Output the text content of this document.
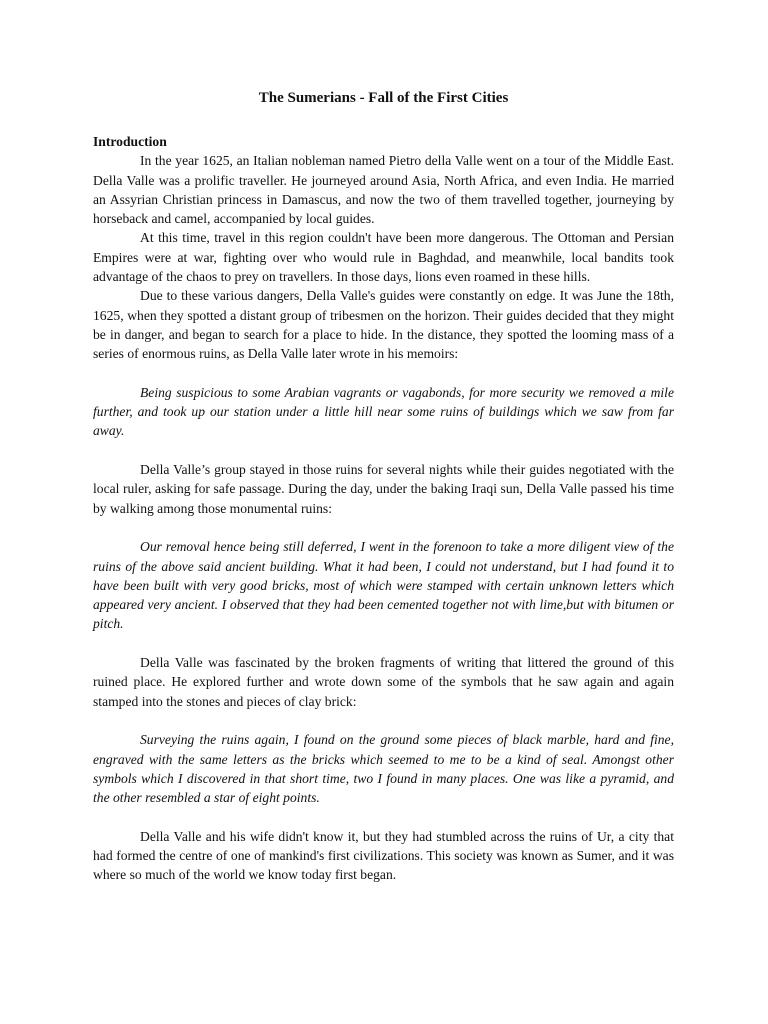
The Sumerians - Fall of the First Cities
Introduction

In the year 1625, an Italian nobleman named Pietro della Valle went on a tour of the Middle East. Della Valle was a prolific traveller. He journeyed around Asia, North Africa, and even India. He married an Assyrian Christian princess in Damascus, and now the two of them travelled together, journeying by horseback and camel, accompanied by local guides.

At this time, travel in this region couldn't have been more dangerous. The Ottoman and Persian Empires were at war, fighting over who would rule in Baghdad, and meanwhile, local bandits took advantage of the chaos to prey on travellers. In those days, lions even roamed in these hills.

Due to these various dangers, Della Valle's guides were constantly on edge. It was June the 18th, 1625, when they spotted a distant group of tribesmen on the horizon. Their guides decided that they might be in danger, and began to search for a place to hide. In the distance, they spotted the looming mass of a series of enormous ruins, as Della Valle later wrote in his memoirs:

Being suspicious to some Arabian vagrants or vagabonds, for more security we removed a mile further, and took up our station under a little hill near some ruins of buildings which we saw from far away.

Della Valle’s group stayed in those ruins for several nights while their guides negotiated with the local ruler, asking for safe passage. During the day, under the baking Iraqi sun, Della Valle passed his time by walking among those monumental ruins:

Our removal hence being still deferred, I went in the forenoon to take a more diligent view of the ruins of the above said ancient building. What it had been, I could not understand, but I had found it to have been built with very good bricks, most of which were stamped with certain unknown letters which appeared very ancient. I observed that they had been cemented together not with lime,but with bitumen or pitch.

Della Valle was fascinated by the broken fragments of writing that littered the ground of this ruined place. He explored further and wrote down some of the symbols that he saw again and again stamped into the stones and pieces of clay brick:

Surveying the ruins again, I found on the ground some pieces of black marble, hard and fine, engraved with the same letters as the bricks which seemed to me to be a kind of seal. Amongst other symbols which I discovered in that short time, two I found in many places. One was like a pyramid, and the other resembled a star of eight points.

Della Valle and his wife didn't know it, but they had stumbled across the ruins of Ur, a city that had formed the centre of one of mankind's first civilizations. This society was known as Sumer, and it was where so much of the world we know today first began.
